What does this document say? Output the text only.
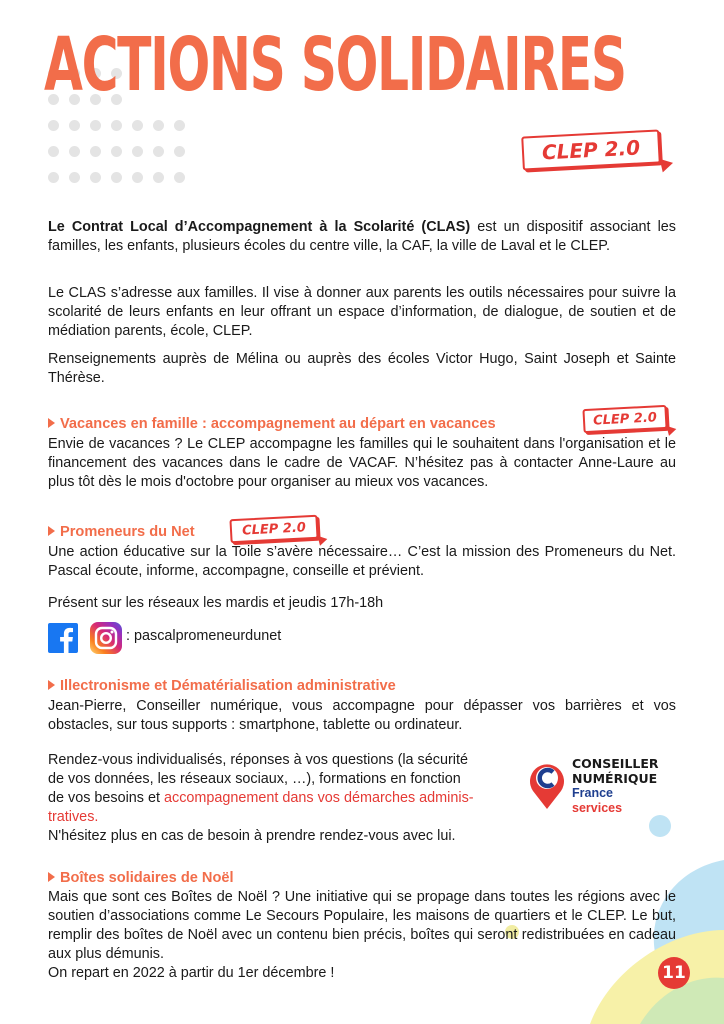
ACTIONS SOLIDAIRES
CLEP 2.0

Le Contrat Local d’Accompagnement à la Scolarité (CLAS) est un dispositif associant les familles, les enfants, plusieurs écoles du centre ville, la CAF, la ville de Laval et le CLEP.

Le CLAS s’adresse aux familles. Il vise à donner aux parents les outils nécessaires pour suivre la scolarité de leurs enfants en leur offrant un espace d’information, de dialogue, de soutien et de médiation parents, école, CLEP.

Renseignements auprès de Mélina ou auprès des écoles Victor Hugo, Saint Joseph et Sainte Thérèse.

Vacances en famille : accompagnement au départ en vacances	CLEP 2.0

Envie de vacances ? Le CLEP accompagne les familles qui le souhaitent dans l'organisation et le financement des vacances dans le cadre de VACAF. N’hésitez pas à contacter Anne-Laure au plus tôt dès le mois d'octobre pour organiser au mieux vos vacances.

Promeneurs du Net	CLEP 2.0

Une action éducative sur la Toile s’avère nécessaire… C’est la mission des Promeneurs du Net. Pascal écoute, informe, accompagne, conseille et prévient.

Présent sur les réseaux les mardis et jeudis 17h-18h

: pascalpromeneurdunet

Illectronisme et Dématérialisation administrative

Jean-Pierre, Conseiller numérique, vous accompagne pour dépasser vos barrières et vos obstacles, sur tous supports : smartphone, tablette ou ordinateur.

Rendez-vous individualisés, réponses à vos questions (la sécurité
de vos données, les réseaux sociaux, …), formations en fonction
de vos besoins et accompagnement dans vos démarches adminis-
tratives.

N'hésitez plus en cas de besoin à prendre rendez-vous avec lui.

CONSEILLER
NUMÉRIQUE
France
services
Boîtes solidaires de Noël

Mais que sont ces Boîtes de Noël ? Une initiative qui se propage dans toutes les régions avec le soutien d’associations comme Le Secours Populaire, les maisons de quartiers et le CLEP. Le but, remplir des boîtes de Noël avec un contenu bien précis, boîtes qui seront redistribuées en cadeau aux plus démunis.

On repart en 2022 à partir du 1er décembre !	11
